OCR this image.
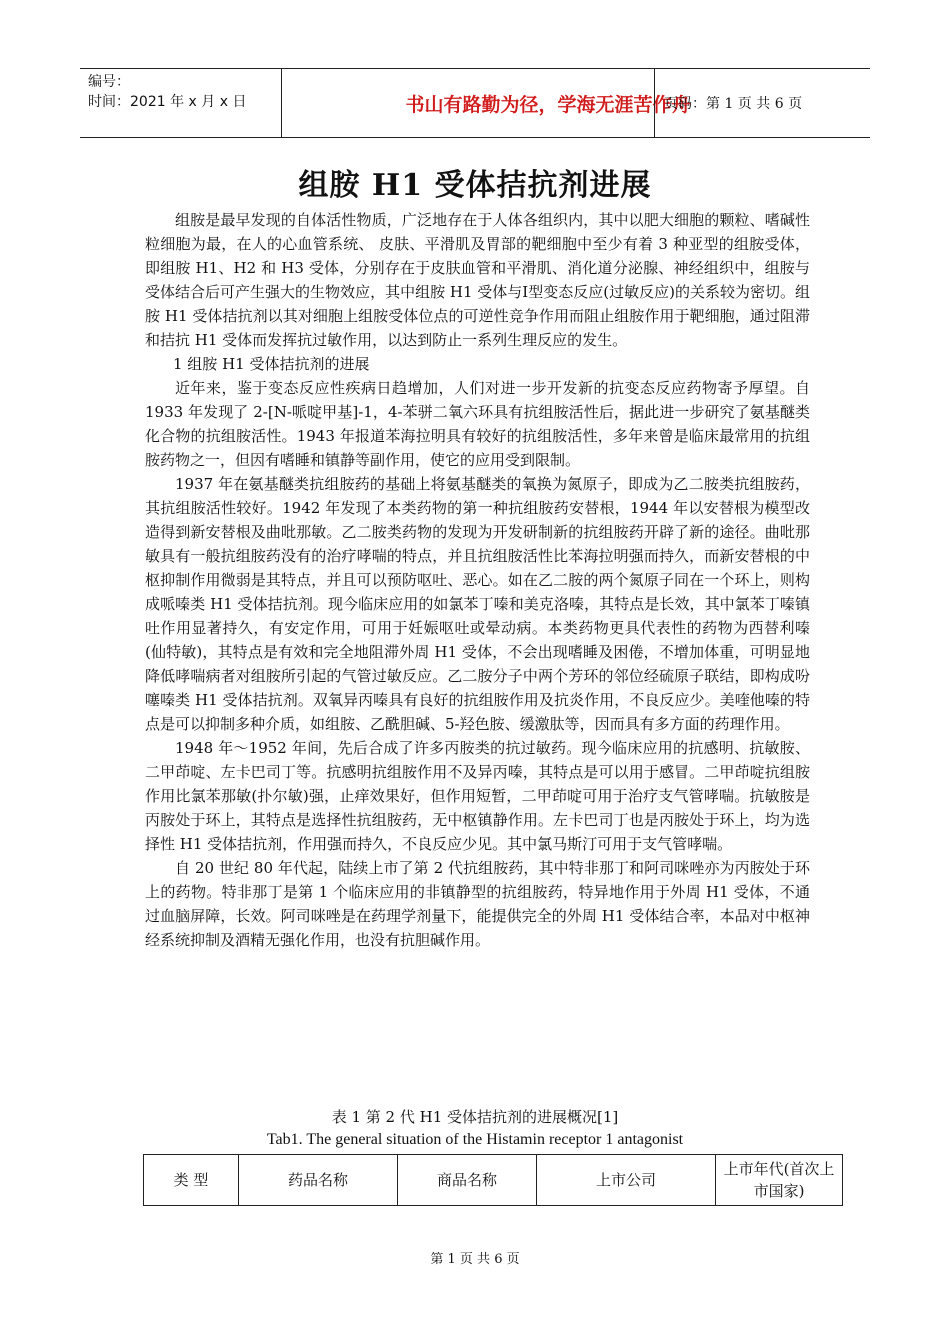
编号：
时间：2021 年 x 月 x 日	书山有路勤为径，学海无涯苦作舟
页码：第 1 页 共 6 页
组胺 H1 受体拮抗剂进展

组胺是最早发现的自体活性物质，广泛地存在于人体各组织内，其中以肥大细胞的颗粒、嗜碱性粒细胞为最，在人的心血管系统、 皮肤、平滑肌及胃部的靶细胞中至少有着 3 种亚型的组胺受体，即组胺 H1、H2 和 H3 受体，分别存在于皮肤血管和平滑肌、消化道分泌腺、神经组织中，组胺与受体结合后可产生强大的生物效应，其中组胺 H1 受体与Ⅰ型变态反应(过敏反应)的关系较为密切。组胺 H1 受体拮抗剂以其对细胞上组胺受体位点的可逆性竞争作用而阻止组胺作用于靶细胞，通过阻滞和拮抗 H1 受体而发挥抗过敏作用，以达到防止一系列生理反应的发生。

1 组胺 H1 受体拮抗剂的进展

近年来，鉴于变态反应性疾病日趋增加，人们对进一步开发新的抗变态反应药物寄予厚望。自 1933 年发现了 2-[N-哌啶甲基]-1，4-苯骈二氧六环具有抗组胺活性后，据此进一步研究了氨基醚类化合物的抗组胺活性。1943 年报道苯海拉明具有较好的抗组胺活性，多年来曾是临床最常用的抗组胺药物之一，但因有嗜睡和镇静等副作用，使它的应用受到限制。

1937 年在氨基醚类抗组胺药的基础上将氨基醚类的氧换为氮原子，即成为乙二胺类抗组胺药，其抗组胺活性较好。1942 年发现了本类药物的第一种抗组胺药安替根，1944 年以安替根为模型改造得到新安替根及曲吡那敏。乙二胺类药物的发现为开发研制新的抗组胺药开辟了新的途径。曲吡那敏具有一般抗组胺药没有的治疗哮喘的特点，并且抗组胺活性比苯海拉明强而持久，而新安替根的中枢抑制作用微弱是其特点，并且可以预防呕吐、恶心。如在乙二胺的两个氮原子同在一个环上，则构成哌嗪类 H1 受体拮抗剂。现今临床应用的如氯苯丁嗪和美克洛嗪，其特点是长效，其中氯苯丁嗪镇吐作用显著持久，有安定作用，可用于妊娠呕吐或晕动病。本类药物更具代表性的药物为西替利嗪(仙特敏)，其特点是有效和完全地阻滞外周 H1 受体，不会出现嗜睡及困倦，不增加体重，可明显地降低哮喘病者对组胺所引起的气管过敏反应。乙二胺分子中两个芳环的邻位经硫原子联结，即构成吩噻嗪类 H1 受体拮抗剂。双氧异丙嗪具有良好的抗组胺作用及抗炎作用，不良反应少。美喹他嗪的特点是可以抑制多种介质，如组胺、乙酰胆碱、5-羟色胺、缓激肽等，因而具有多方面的药理作用。

1948 年～1952 年间，先后合成了许多丙胺类的抗过敏药。现今临床应用的抗感明、抗敏胺、二甲茚啶、左卡巴司丁等。抗感明抗组胺作用不及异丙嗪，其特点是可以用于感冒。二甲茚啶抗组胺作用比氯苯那敏(扑尔敏)强，止痒效果好，但作用短暂，二甲茚啶可用于治疗支气管哮喘。抗敏胺是丙胺处于环上，其特点是选择性抗组胺药，无中枢镇静作用。左卡巴司丁也是丙胺处于环上，均为选择性 H1 受体拮抗剂，作用强而持久，不良反应少见。其中氯马斯汀可用于支气管哮喘。

自 20 世纪 80 年代起，陆续上市了第 2 代抗组胺药，其中特非那丁和阿司咪唑亦为丙胺处于环上的药物。特非那丁是第 1 个临床应用的非镇静型的抗组胺药，特异地作用于外周 H1 受体，不通过血脑屏障，长效。阿司咪唑是在药理学剂量下，能提供完全的外周 H1 受体结合率，本品对中枢神经系统抑制及酒精无强化作用，也没有抗胆碱作用。

表 1 第 2 代 H1 受体拮抗剂的进展概况[1]
Tab1. The general situation of the Histamin receptor 1 antagonist
类 型	药品名称	商品名称	上市公司	上市年代(首次上市国家)
第 1 页 共 6 页
